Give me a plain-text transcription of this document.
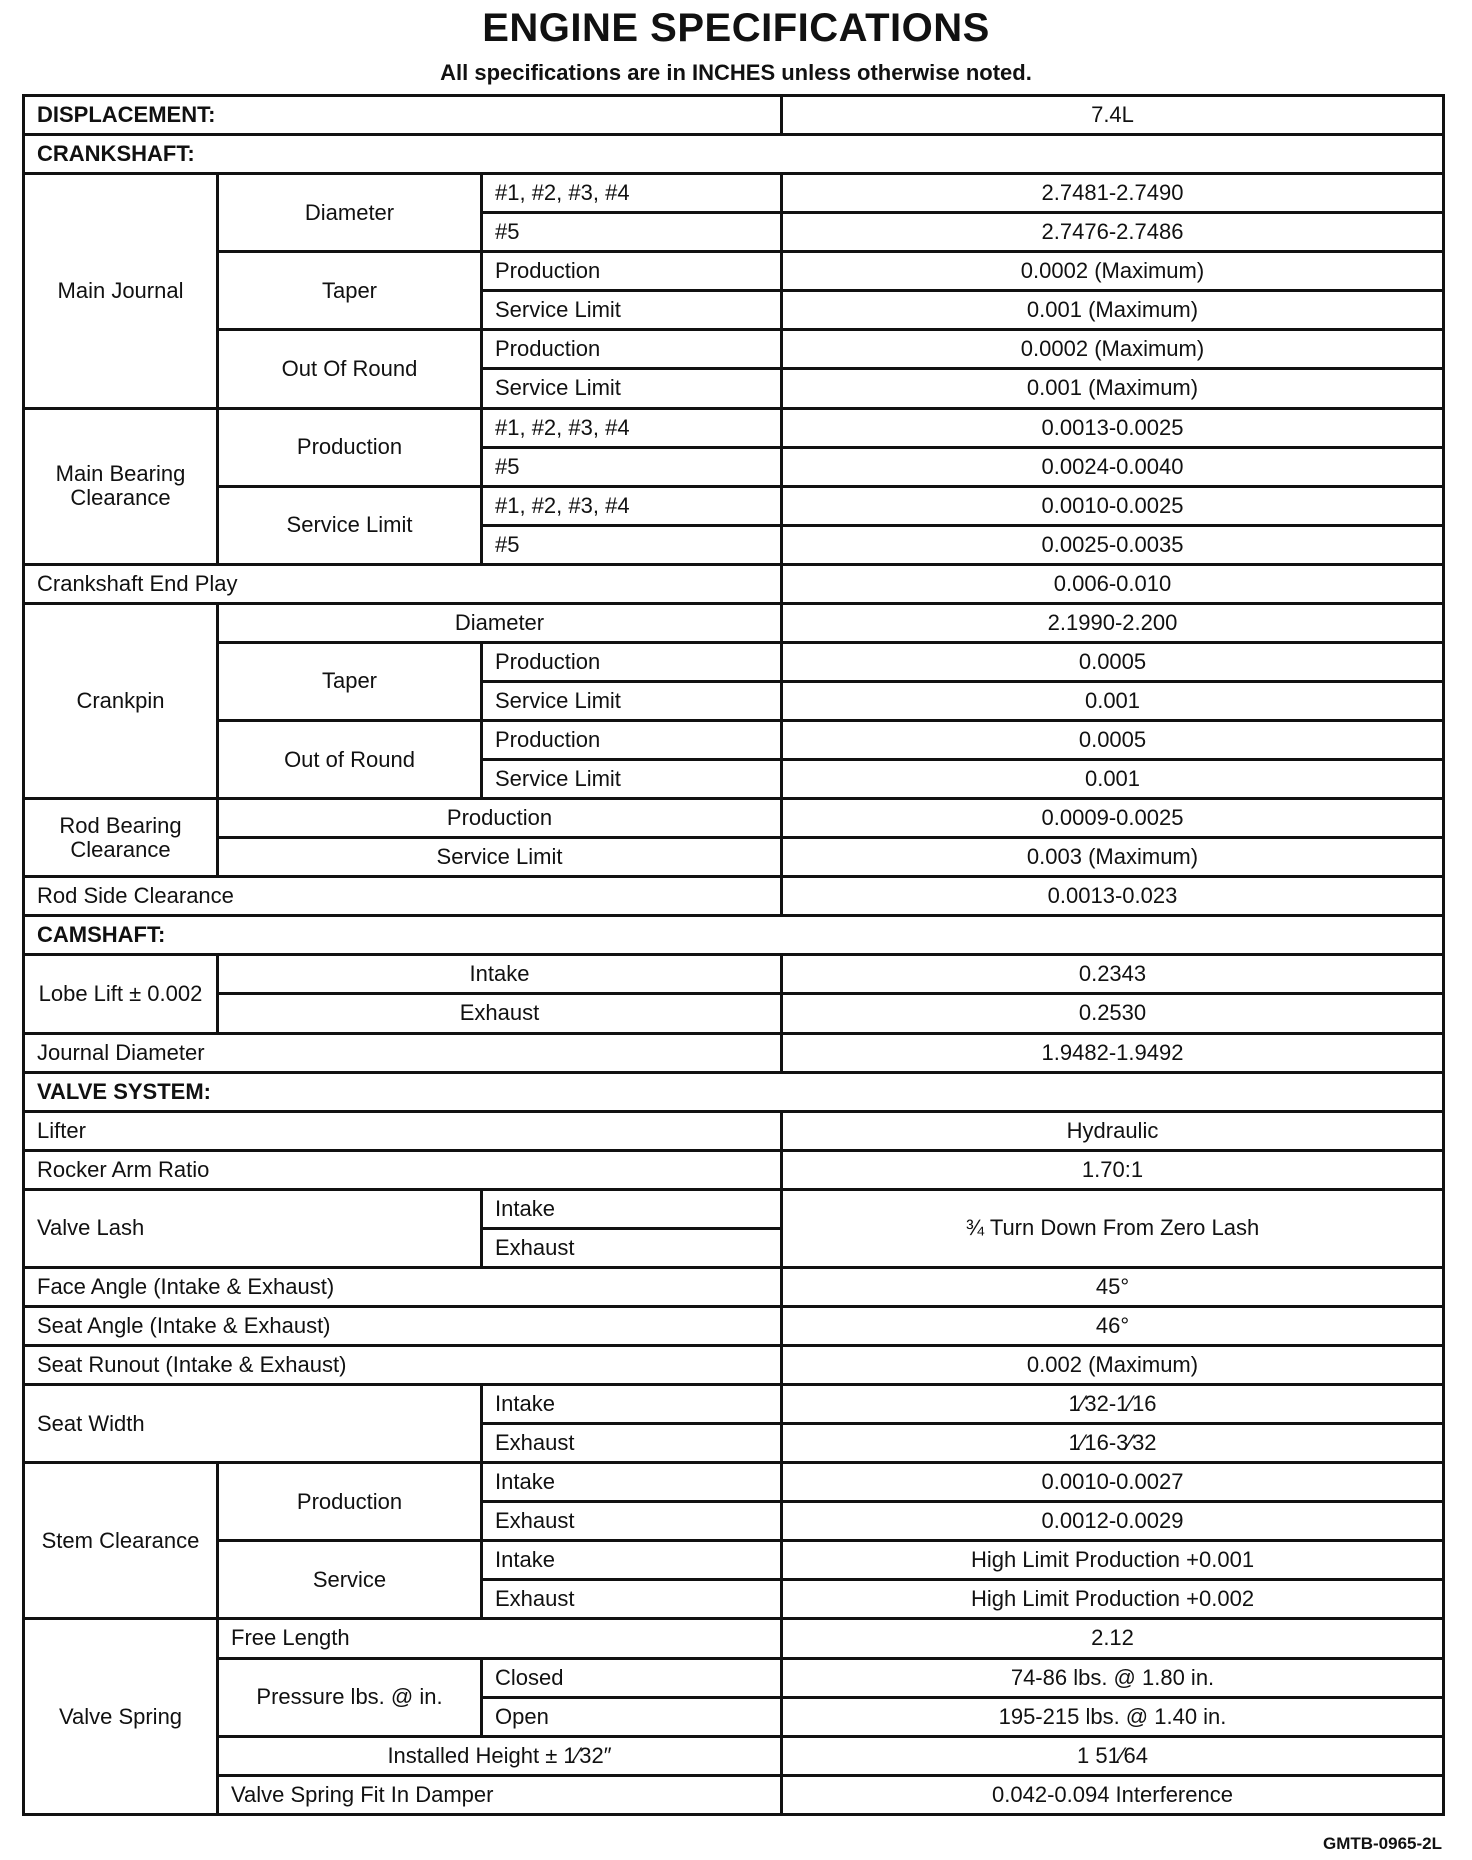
ENGINE SPECIFICATIONS
All specifications are in INCHES unless otherwise noted.
DISPLACEMENT:			7.4L
CRANKSHAFT:			
Main Journal	Diameter	#1, #2, #3, #4	2.7481-2.7490
		#5	2.7476-2.7486
	Taper	Production	0.0002 (Maximum)
		Service Limit	0.001 (Maximum)
	Out Of Round	Production	0.0002 (Maximum)
		Service Limit	0.001 (Maximum)
Main Bearing Clearance	Production	#1, #2, #3, #4	0.0013-0.0025
		#5	0.0024-0.0040
	Service Limit	#1, #2, #3, #4	0.0010-0.0025
		#5	0.0025-0.0035
Crankshaft End Play			0.006-0.010
Crankpin	Diameter		2.1990-2.200
	Taper	Production	0.0005
		Service Limit	0.001
	Out of Round	Production	0.0005
		Service Limit	0.001
Rod Bearing Clearance	Production		0.0009-0.0025
	Service Limit		0.003 (Maximum)
Rod Side Clearance			0.0013-0.023
CAMSHAFT:			
Lobe Lift ± 0.002	Intake		0.2343
	Exhaust		0.2530
Journal Diameter			1.9482-1.9492
VALVE SYSTEM:			
Lifter			Hydraulic
Rocker Arm Ratio			1.70:1
Valve Lash		Intake	¾ Turn Down From Zero Lash
		Exhaust	
Face Angle (Intake & Exhaust)			45°
Seat Angle (Intake & Exhaust)			46°
Seat Runout (Intake & Exhaust)			0.002 (Maximum)
Seat Width		Intake	1⁄32-1⁄16
		Exhaust	1⁄16-3⁄32
Stem Clearance	Production	Intake	0.0010-0.0027
		Exhaust	0.0012-0.0029
	Service	Intake	High Limit Production +0.001
		Exhaust	High Limit Production +0.002
Valve Spring	Free Length		2.12
	Pressure lbs. @ in.	Closed	74-86 lbs. @ 1.80 in.
		Open	195-215 lbs. @ 1.40 in.
	Installed Height ± 1⁄32″		1 51⁄64
	Valve Spring Fit In Damper		0.042-0.094 Interference
GMTB-0965-2L
